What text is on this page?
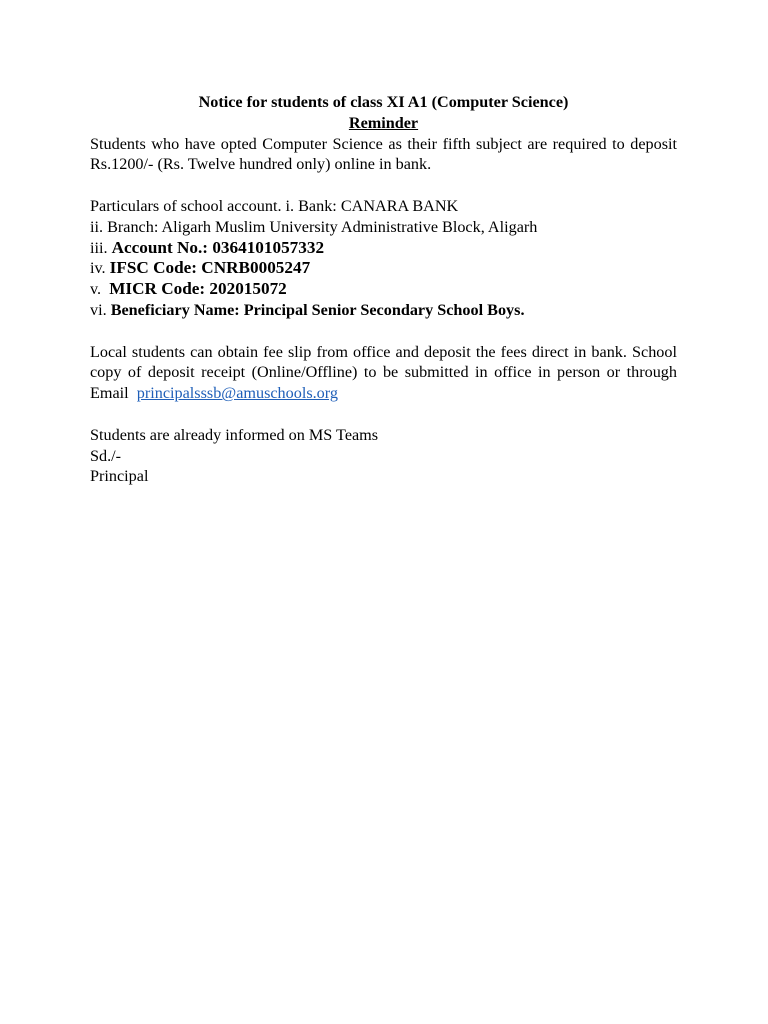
Notice for students of class XI A1 (Computer Science)

Reminder

Students who have opted Computer Science as their fifth subject are required to deposit Rs.1200/- (Rs. Twelve hundred only) online in bank.

Particulars of school account. i. Bank: CANARA BANK

ii. Branch: Aligarh Muslim University Administrative Block, Aligarh

iii. Account No.: 0364101057332

iv. IFSC Code: CNRB0005247

v.  MICR Code: 202015072

vi. Beneficiary Name: Principal Senior Secondary School Boys.

Local students can obtain fee slip from office and deposit the fees direct in bank. School copy of deposit receipt (Online/Offline) to be submitted in office in person or through Email principalsssb@amuschools.org

Students are already informed on MS Teams

Sd./-

Principal
